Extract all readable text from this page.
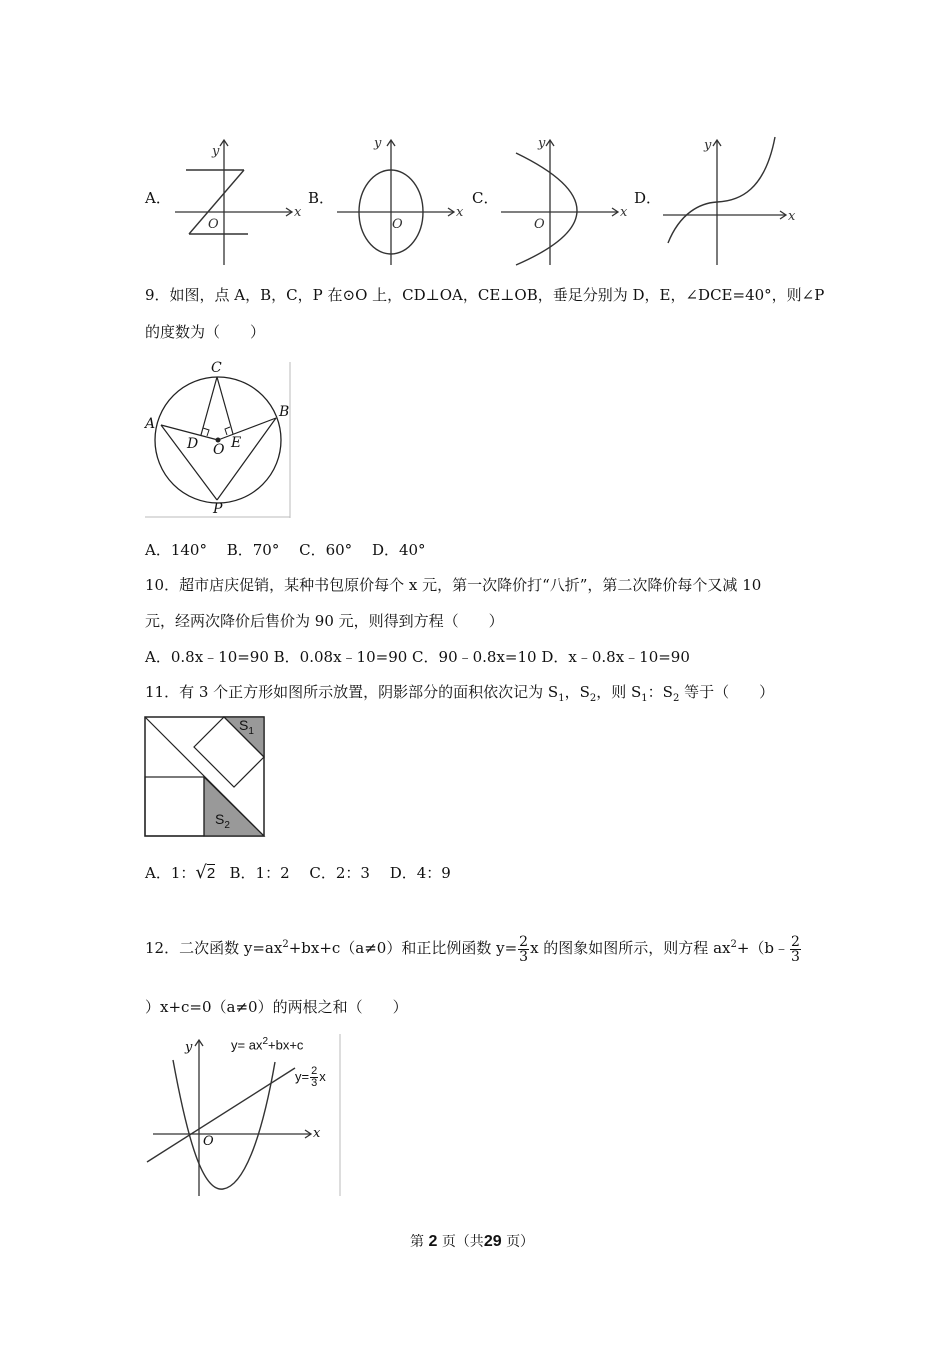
A．
y
x
O
B．
y
x
O
C．
y
x
O
D．
y
x
9．如图，点 A，B，C，P 在⊙O 上，CD⊥OA，CE⊥OB，垂足分别为 D，E，∠DCE=40°，则∠P
的度数为（　　）
C
A
B
D O E
P
A．140°　 B．70°　 C．60°　 D．40°
10．超市店庆促销，某种书包原价每个 x 元，第一次降价打“八折”，第二次降价每个又减 10
元，经两次降价后售价为 90 元，则得到方程（　　）
A．0.8x﹣10=90 B．0.08x﹣10=90 C．90﹣0.8x=10 D．x﹣0.8x﹣10=90
11．有 3 个正方形如图所示放置，阴影部分的面积依次记为 $S_1$，$S_2$，则 $S_1$：$S_2$ 等于（　　）
$S_1$
$S_2$
A．1：√2 B．1：2　 C．2：3　 D．4：9
12．二次函数 $y=ax^2+bx+c(a\ne 0)$和正比例函数 $y= \frac{2}{3}$ x 的图象如图所示，则方程 $ax^2+(b﹣ \frac{2}{3}$
）x+c=0（a≠0）的两根之和（　　）
y
x
O
$y= ax^2+bx+c$
$y= \frac{2}{3}$ x
第 2 页（共29 页）
